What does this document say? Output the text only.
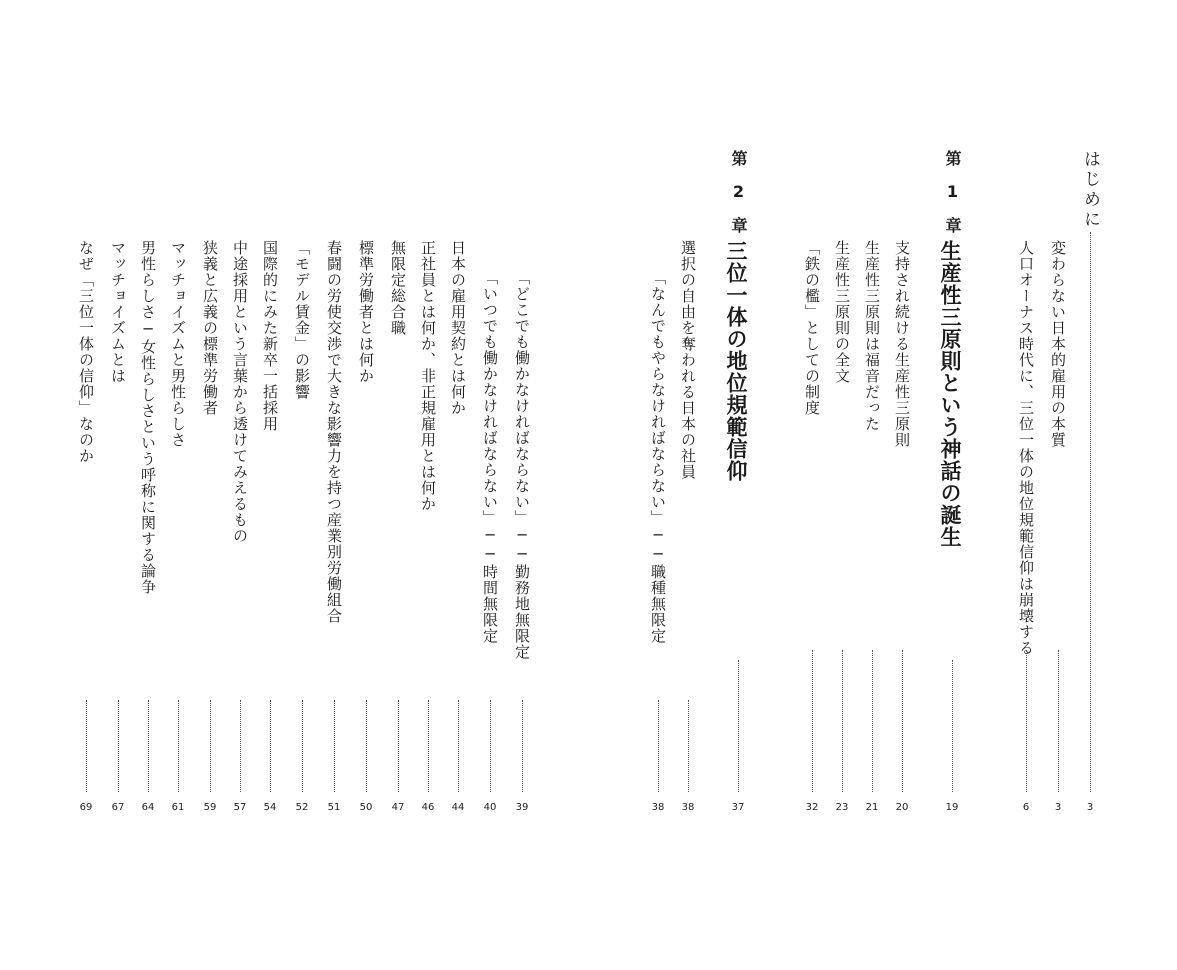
はじめに
3
変わらない日本的雇用の本質
3
人口オーナス時代に、三位一体の地位規範信仰は崩壊する
6
第1章
生産性三原則という神話の誕生
19
支持され続ける生産性三原則
20
生産性三原則は福音だった
21
生産性三原則の全文
23
「鉄の檻」としての制度
32
第2章
三位一体の地位規範信仰
37
選択の自由を奪われる日本の社員
38
「なんでもやらなければならない」──職種無限定
38
「どこでも働かなければならない」──勤務地無限定
39
「いつでも働かなければならない」──時間無限定
40
日本の雇用契約とは何か
44
正社員とは何か、非正規雇用とは何か
46
無限定総合職
47
標準労働者とは何か
50
春闘の労使交渉で大きな影響力を持つ産業別労働組合
51
「モデル賃金」の影響
52
国際的にみた新卒一括採用
54
中途採用という言葉から透けてみえるもの
57
狭義と広義の標準労働者
59
マッチョイズムと男性らしさ
61
男性らしさ─女性らしさという呼称に関する論争
64
マッチョイズムとは
67
なぜ「三位一体の信仰」なのか
69
